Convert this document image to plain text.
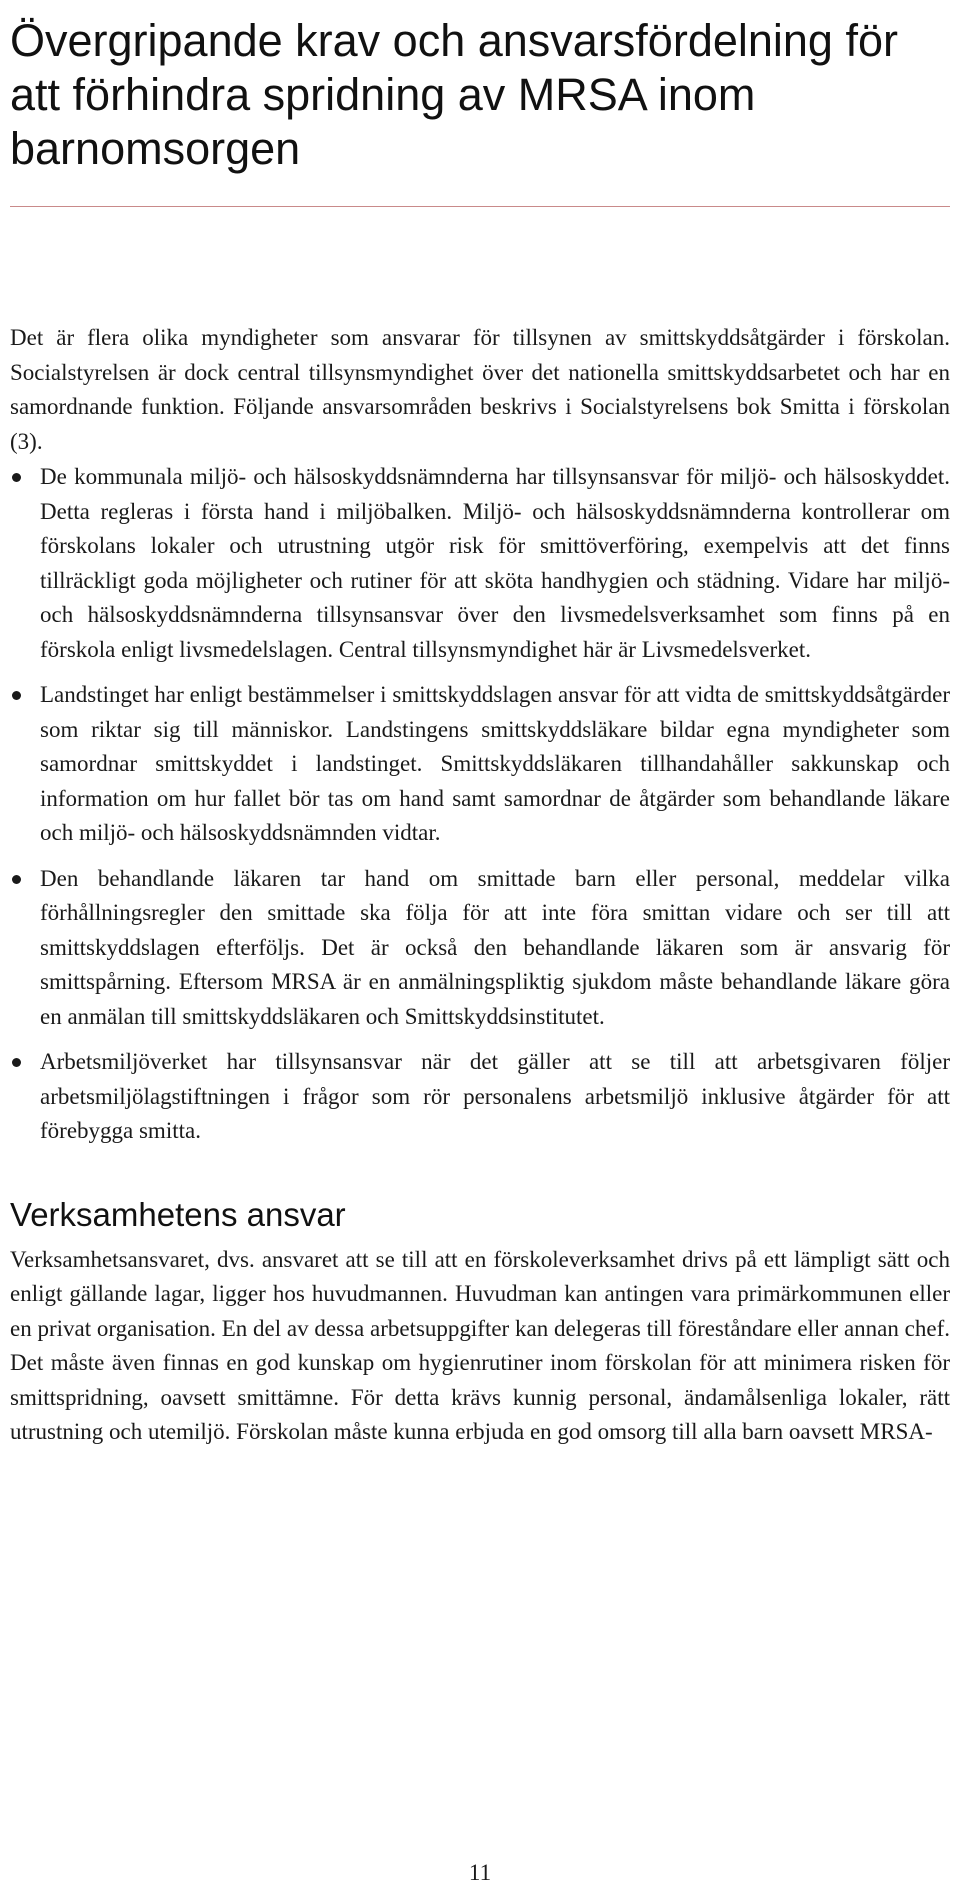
Övergripande krav och ansvarsfördelning för att förhindra spridning av MRSA inom barnomsorgen

Det är flera olika myndigheter som ansvarar för tillsynen av smittskyddsåtgärder i förskolan. Socialstyrelsen är dock central tillsynsmyndighet över det nationella smittskyddsarbetet och har en samordnande funktion. Följande ansvarsområden beskrivs i Socialstyrelsens bok Smitta i förskolan (3).

De kommunala miljö- och hälsoskyddsnämnderna har tillsynsansvar för miljö- och hälsoskyddet. Detta regleras i första hand i miljöbalken. Miljö- och hälsoskyddsnämnderna kontrollerar om förskolans lokaler och utrustning utgör risk för smittöverföring, exempelvis att det finns tillräckligt goda möjligheter och rutiner för att sköta handhygien och städning. Vidare har miljö- och hälsoskyddsnämnderna tillsynsansvar över den livsmedelsverksamhet som finns på en förskola enligt livsmedelslagen. Central tillsynsmyndighet här är Livsmedelsverket.
Landstinget har enligt bestämmelser i smittskyddslagen ansvar för att vidta de smittskyddsåtgärder som riktar sig till människor. Landstingens smittskyddsläkare bildar egna myndigheter som samordnar smittskyddet i landstinget. Smittskyddsläkaren tillhandahåller sakkunskap och information om hur fallet bör tas om hand samt samordnar de åtgärder som behandlande läkare och miljö- och hälsoskyddsnämnden vidtar.
Den behandlande läkaren tar hand om smittade barn eller personal, meddelar vilka förhållningsregler den smittade ska följa för att inte föra smittan vidare och ser till att smittskyddslagen efterföljs. Det är också den behandlande läkaren som är ansvarig för smittspårning. Eftersom MRSA är en anmälningspliktig sjukdom måste behandlande läkare göra en anmälan till smittskyddsläkaren och Smittskyddsinstitutet.
Arbetsmiljöverket har tillsynsansvar när det gäller att se till att arbetsgivaren följer arbetsmiljölagstiftningen i frågor som rör personalens arbetsmiljö inklusive åtgärder för att förebygga smitta.
Verksamhetens ansvar

Verksamhetsansvaret, dvs. ansvaret att se till att en förskoleverksamhet drivs på ett lämpligt sätt och enligt gällande lagar, ligger hos huvudmannen. Huvudman kan antingen vara primärkommunen eller en privat organisation. En del av dessa arbetsuppgifter kan delegeras till föreståndare eller annan chef. Det måste även finnas en god kunskap om hygienrutiner inom förskolan för att minimera risken för smittspridning, oavsett smittämne. För detta krävs kunnig personal, ändamålsenliga lokaler, rätt utrustning och utemiljö. Förskolan måste kunna erbjuda en god omsorg till alla barn oavsett MRSA-

11
